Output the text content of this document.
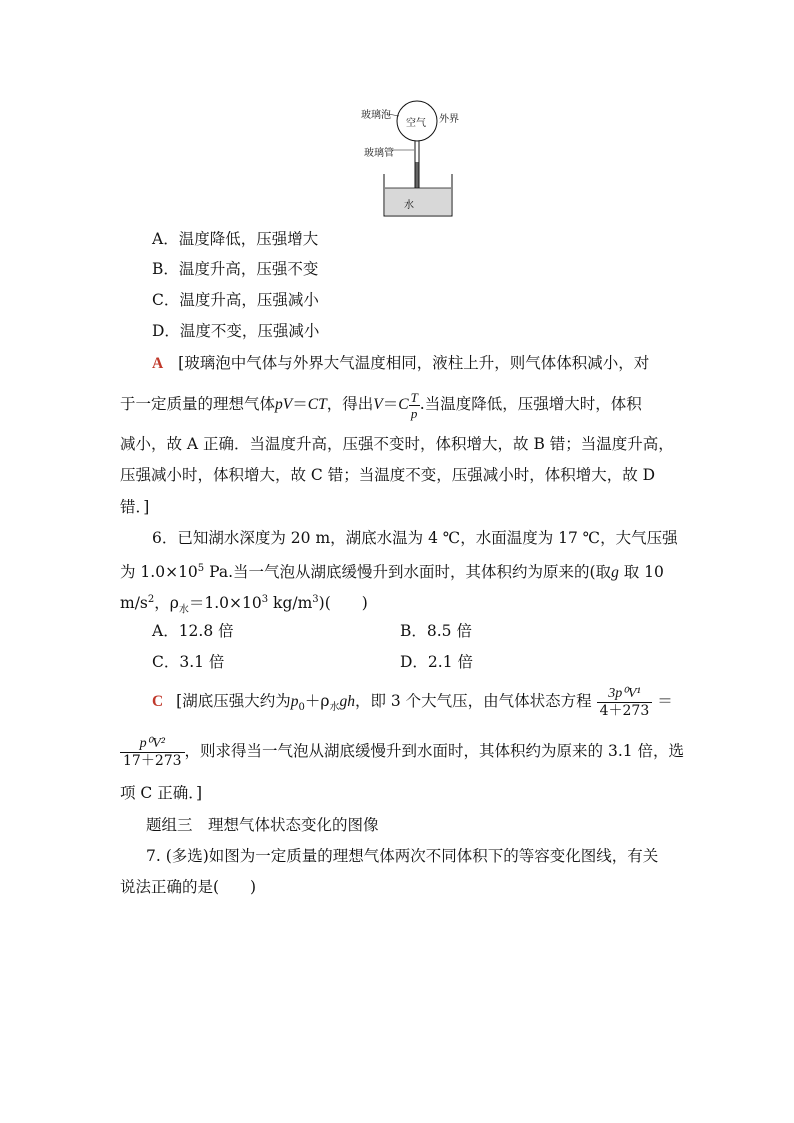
玻璃泡
空气 外界
玻璃管
水
A．温度降低，压强增大
B．温度升高，压强不变
C．温度升高，压强减小
D．温度不变，压强减小
A [玻璃泡中气体与外界大气温度相同，液柱上升，则气体体积减小，对
于一定质量的理想气体pV＝CT，得出$V=C \frac{T}{p}$ .当温度降低，压强增大时，体积
减小，故 A 正确．当温度升高，压强不变时，体积增大，故 B 错；当温度升高，
压强减小时，体积增大，故 C 错；当温度不变，压强减小时，体积增大，故 D
错．]
6．已知湖水深度为 20 m，湖底水温为 4 ℃，水面温度为 17 ℃，大气压强
为 $1.0\times 10^5$ Pa.当一气泡从湖底缓慢升到水面时，其体积约为原来的(取g 取 10
$m/s^2$，$\rho_水=1.0\times 10^3$ $kg/m^3$)(　　)
A．12.8 倍	B．8.5 倍
C．3.1 倍	D．2.1 倍
C [湖底压强大约为$p_0+\rho_水gh$，即 3 个大气压，由气体状态方程 $\frac{\text{3p⁰V¹}}{4+273}$ ＝
$\frac{\text{p⁰V²}}{17+273}$ ，则求得当一气泡从湖底缓慢升到水面时，其体积约为原来的 3.1 倍，选
项 C 正确．]
题组三　理想气体状态变化的图像
7. (多选)如图为一定质量的理想气体两次不同体积下的等容变化图线，有关
说法正确的是(　　)
